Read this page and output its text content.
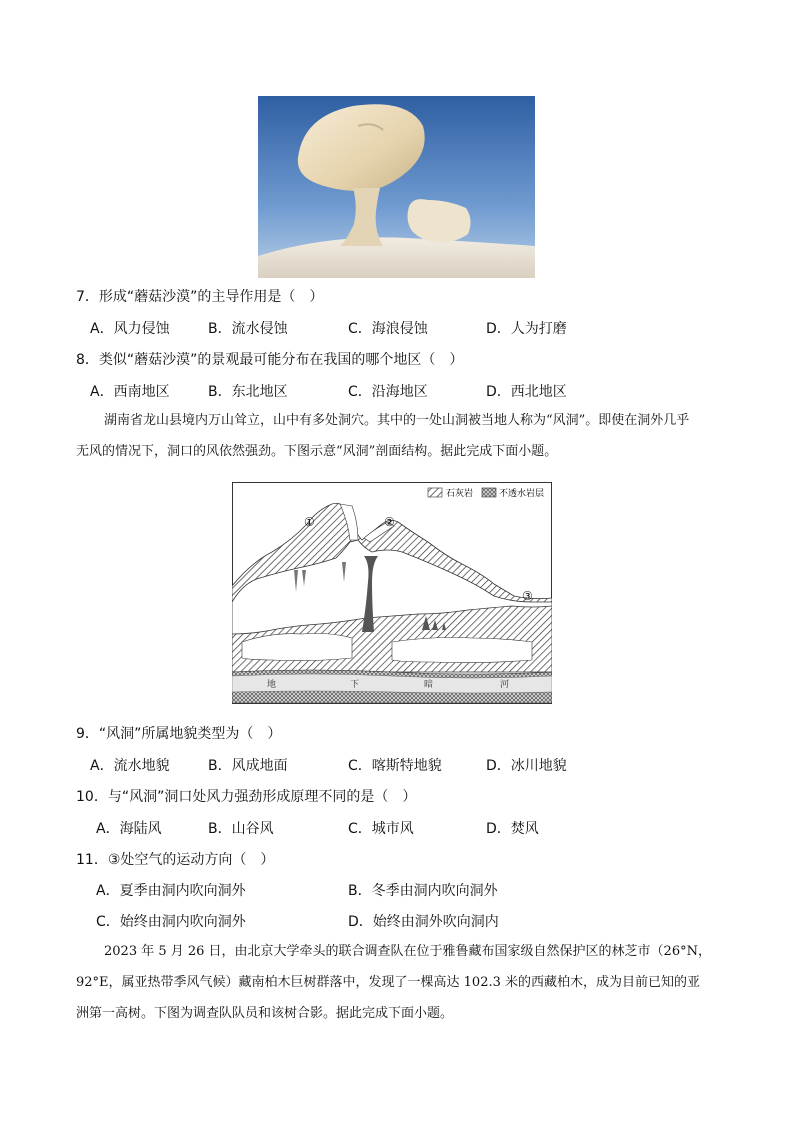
7．形成“蘑菇沙漠”的主导作用是（　）
A．风力侵蚀	B．流水侵蚀	C．海浪侵蚀	D．人为打磨
8．类似“蘑菇沙漠”的景观最可能分布在我国的哪个地区（　）
A．西南地区	B．东北地区	C．沿海地区	D．西北地区
湖南省龙山县境内万山耸立，山中有多处洞穴。其中的一处山洞被当地人称为“风洞”。即使在洞外几乎
无风的情况下，洞口的风依然强劲。下图示意“风洞”剖面结构。据此完成下面小题。
石灰岩	不透水岩层
地	下	暗	河
①	②
③
9．“风洞”所属地貌类型为（　）
A．流水地貌	B．风成地面	C．喀斯特地貌	D．冰川地貌
10．与“风洞”洞口处风力强劲形成原理不同的是（　）
A．海陆风	B．山谷风	C．城市风	D．焚风
11．③处空气的运动方向（　）
A．夏季由洞内吹向洞外	B．冬季由洞内吹向洞外
C．始终由洞内吹向洞外	D．始终由洞外吹向洞内
2023 年 5 月 26 日，由北京大学牵头的联合调查队在位于雅鲁藏布国家级自然保护区的林芝市（26°N，
92°E，属亚热带季风气候）藏南柏木巨树群落中，发现了一棵高达 102.3 米的西藏柏木，成为目前已知的亚
洲第一高树。下图为调查队队员和该树合影。据此完成下面小题。
